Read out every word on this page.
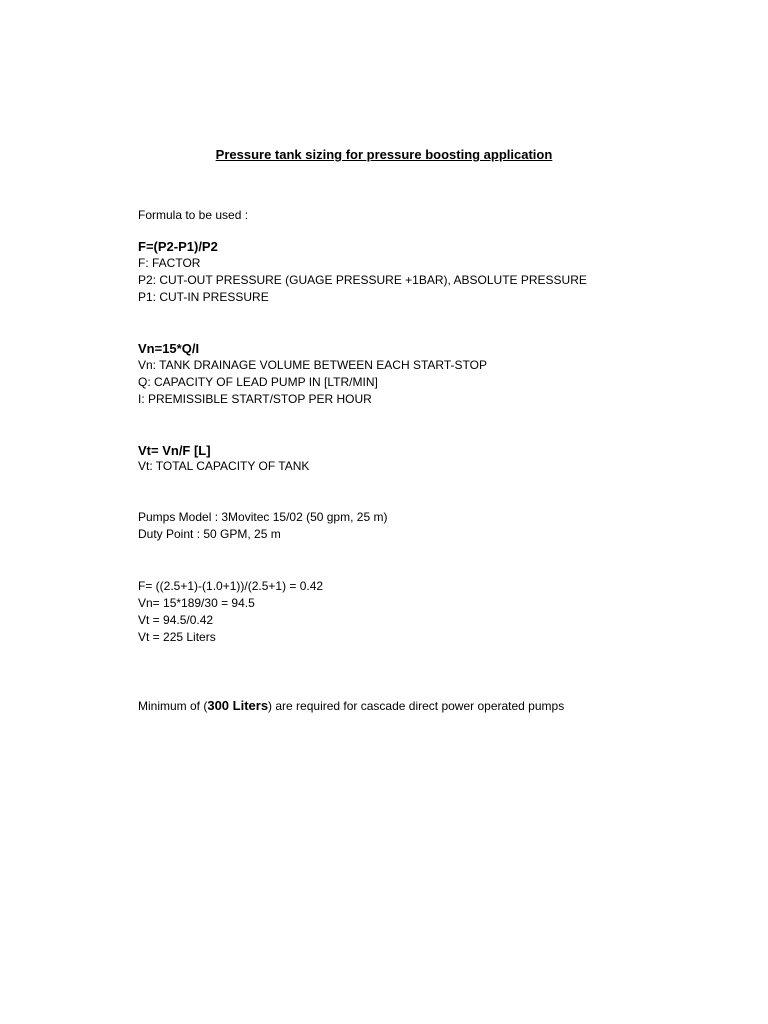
Pressure tank sizing for pressure boosting application
Formula to be used :
F=(P2-P1)/P2
F: FACTOR
P2: CUT-OUT PRESSURE (GUAGE PRESSURE +1BAR), ABSOLUTE PRESSURE
P1: CUT-IN PRESSURE
Vn=15*Q/I
Vn: TANK DRAINAGE VOLUME BETWEEN EACH START-STOP
Q: CAPACITY OF LEAD PUMP IN [LTR/MIN]
I: PREMISSIBLE START/STOP PER HOUR
Vt= Vn/F [L]
Vt: TOTAL CAPACITY OF TANK
Pumps Model : 3Movitec 15/02 (50 gpm, 25 m)
Duty Point : 50 GPM, 25 m
F= ((2.5+1)-(1.0+1))/(2.5+1) = 0.42
Vn= 15*189/30 = 94.5
Vt = 94.5/0.42
Vt = 225 Liters
Minimum of (300 Liters) are required for cascade direct power operated pumps
